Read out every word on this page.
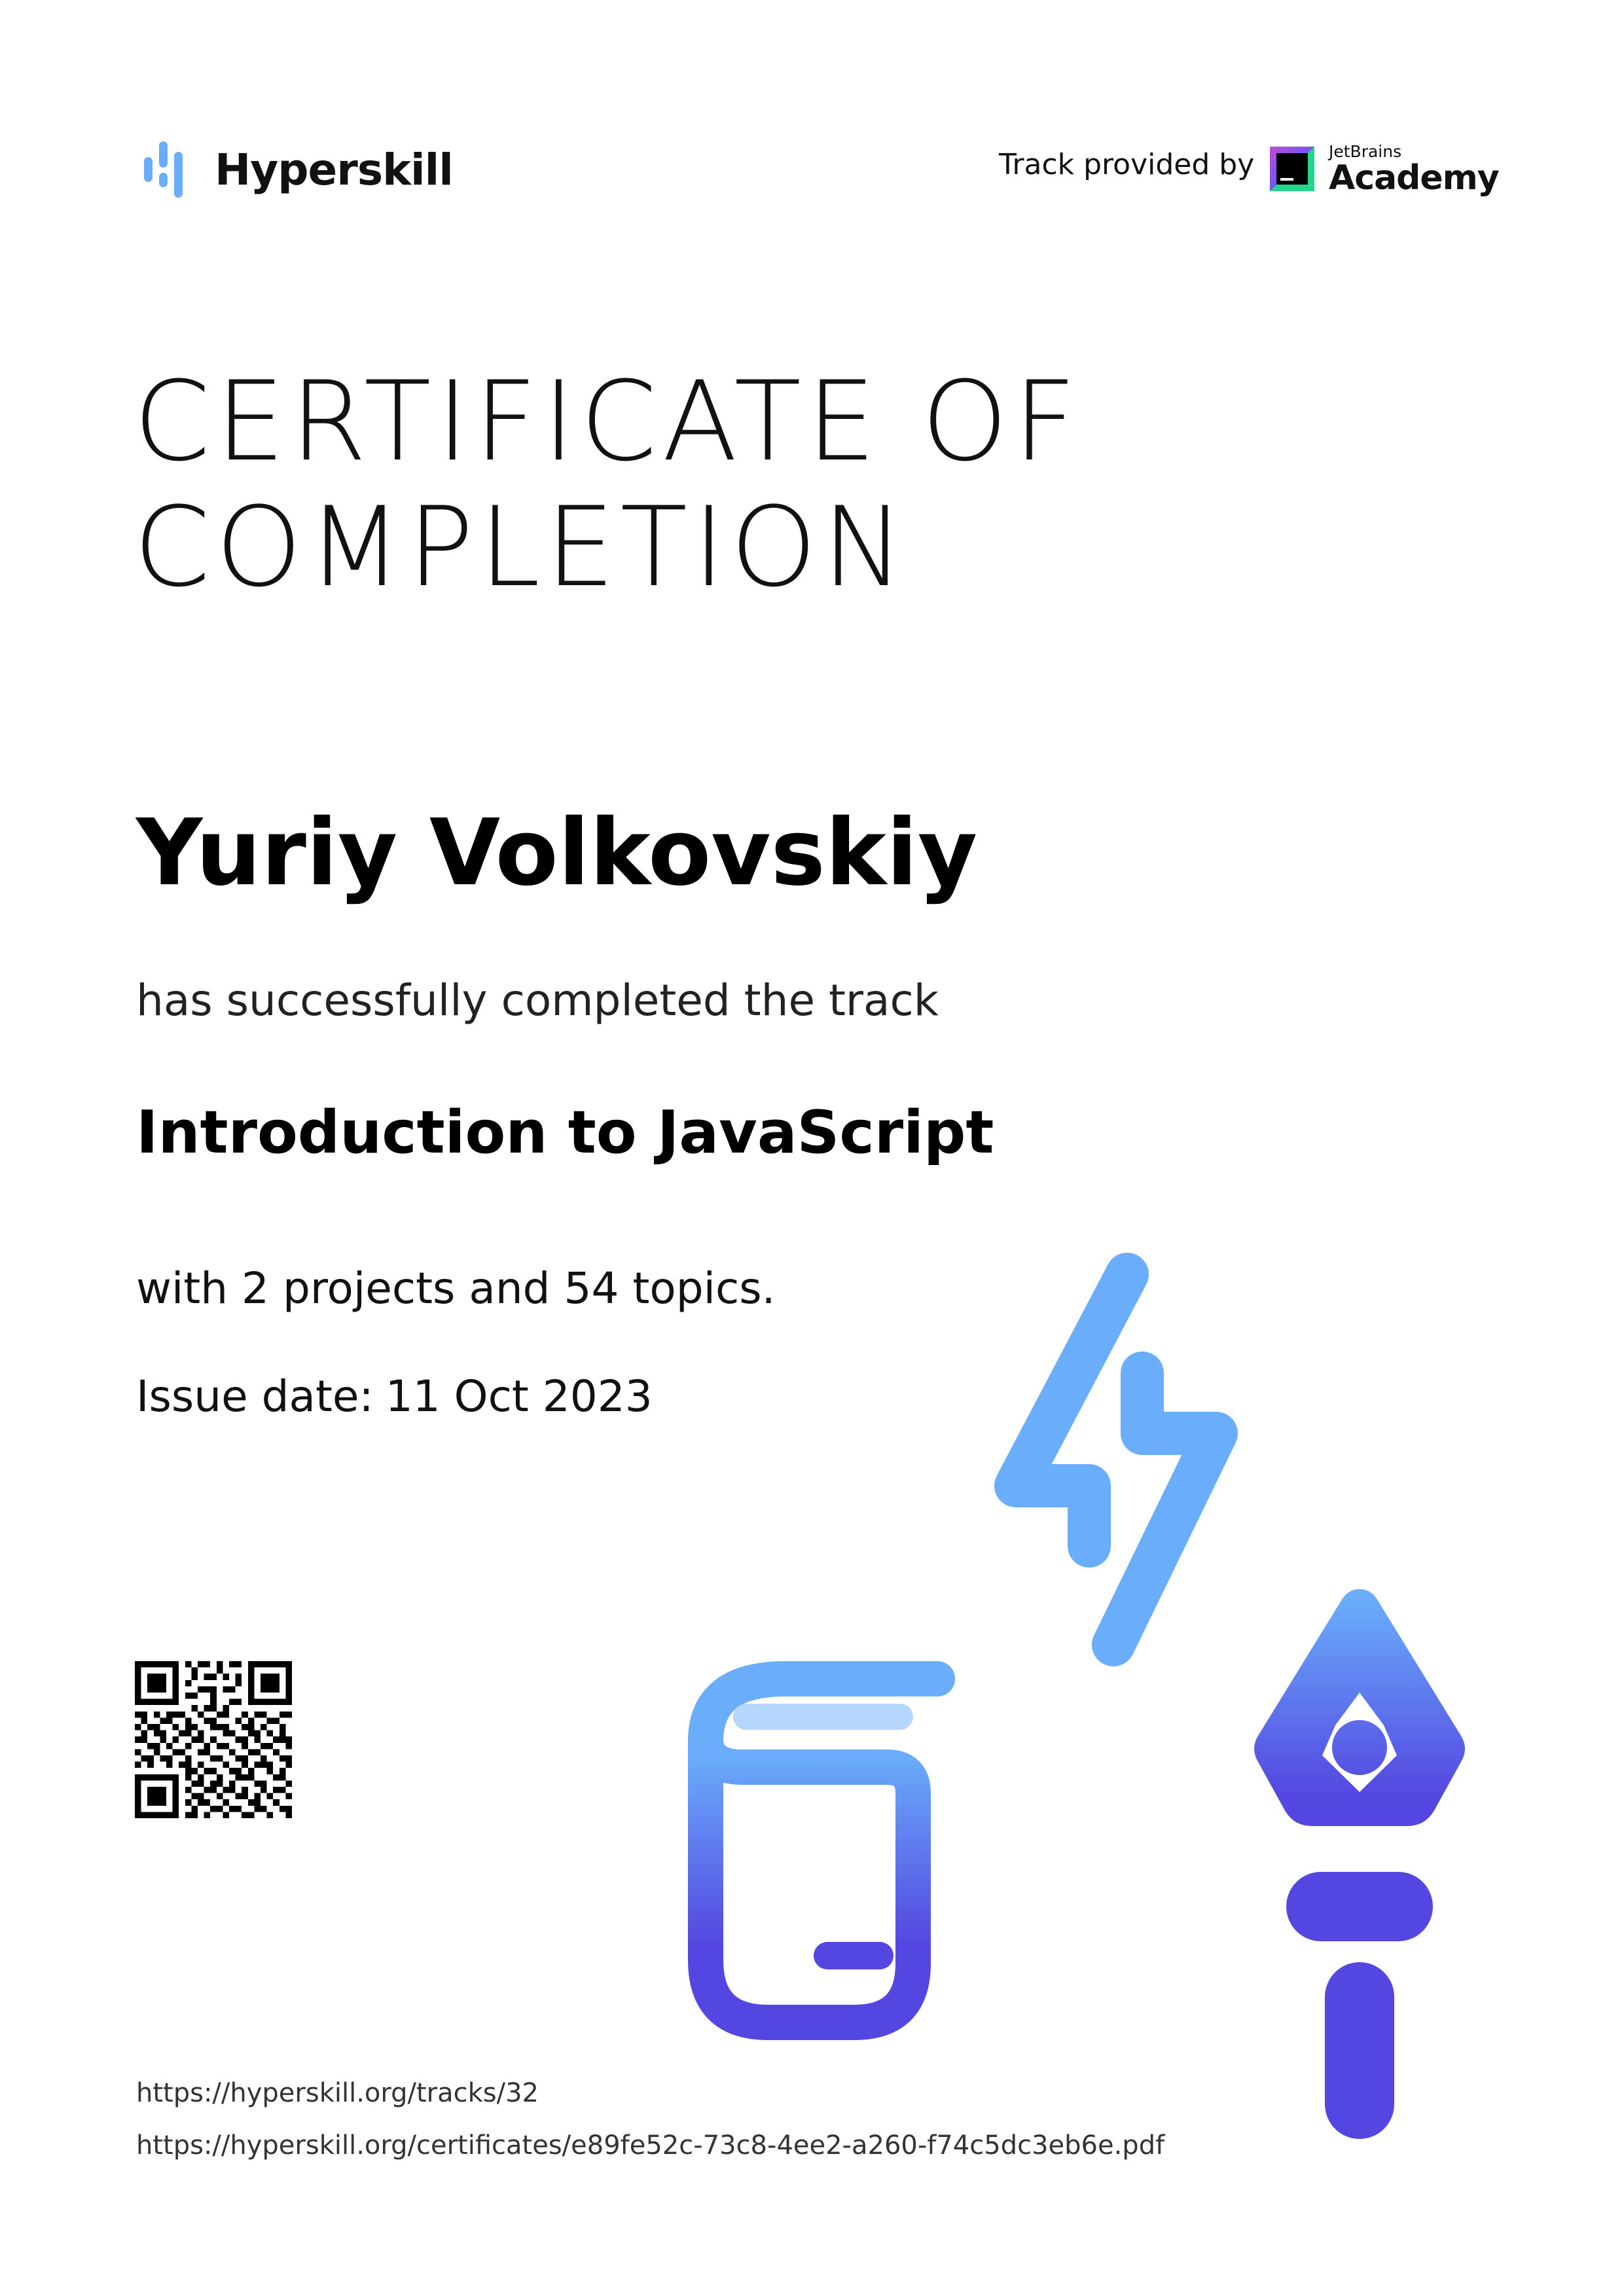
Hyperskill	Track provided by	JetBrains
Academy
CERTIFICATE OF
COMPLETION
Yuriy Volkovskiy
has successfully completed the track
Introduction to JavaScript
with 2 projects and 54 topics.
Issue date: 11 Oct 2023
https://hyperskill.org/tracks/32
https://hyperskill.org/certificates/e89fe52c-73c8-4ee2-a260-f74c5dc3eb6e.pdf
